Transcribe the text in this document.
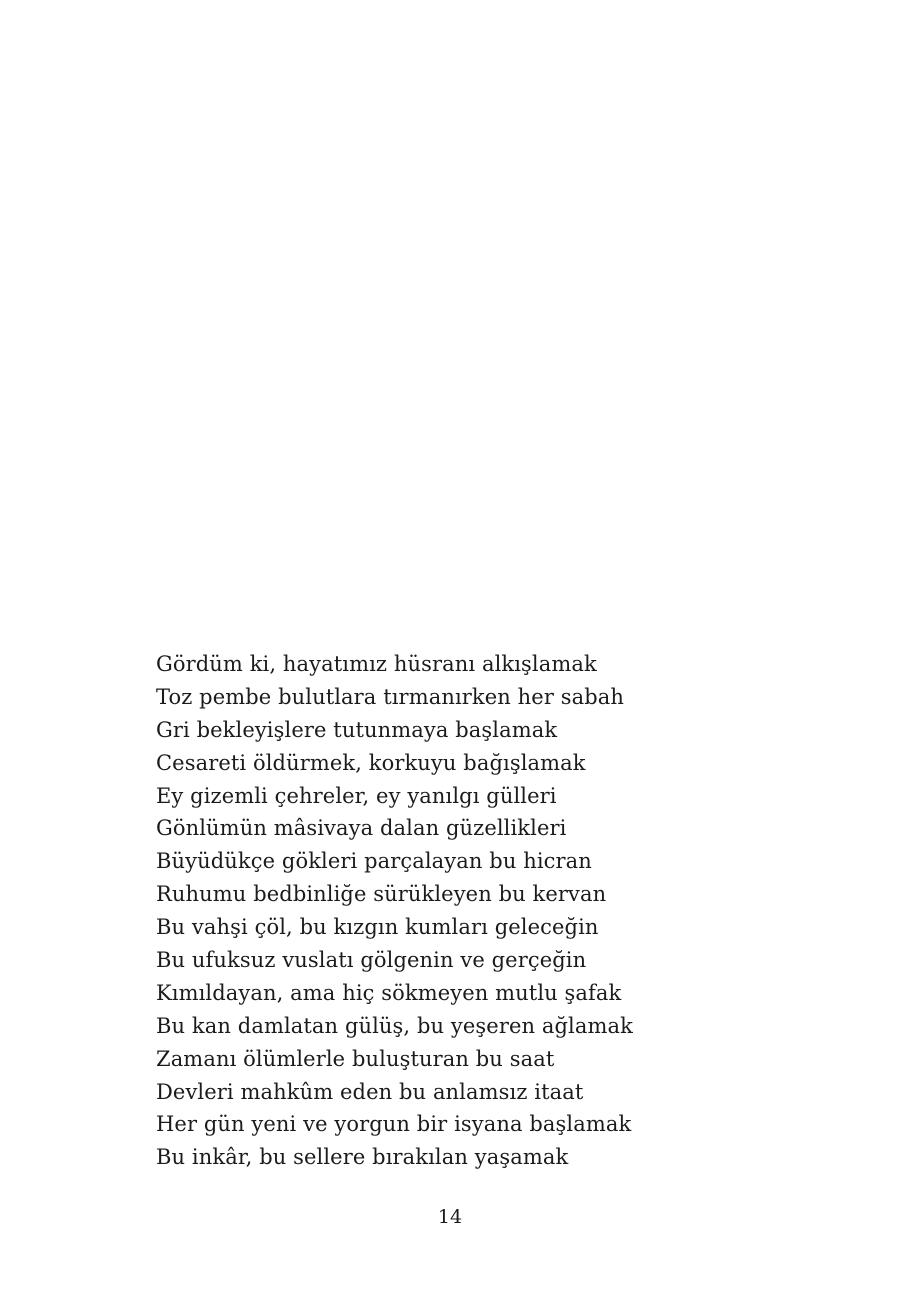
Gördüm ki, hayatımız hüsranı alkışlamak
Toz pembe bulutlara tırmanırken her sabah
Gri bekleyişlere tutunmaya başlamak
Cesareti öldürmek, korkuyu bağışlamak
Ey gizemli çehreler, ey yanılgı gülleri
Gönlümün mâsivaya dalan güzellikleri
Büyüdükçe gökleri parçalayan bu hicran
Ruhumu bedbinliğe sürükleyen bu kervan
Bu vahşi çöl, bu kızgın kumları geleceğin
Bu ufuksuz vuslatı gölgenin ve gerçeğin
Kımıldayan, ama hiç sökmeyen mutlu şafak
Bu kan damlatan gülüş, bu yeşeren ağlamak
Zamanı ölümlerle buluşturan bu saat
Devleri mahkûm eden bu anlamsız itaat
Her gün yeni ve yorgun bir isyana başlamak
Bu inkâr, bu sellere bırakılan yaşamak
14
